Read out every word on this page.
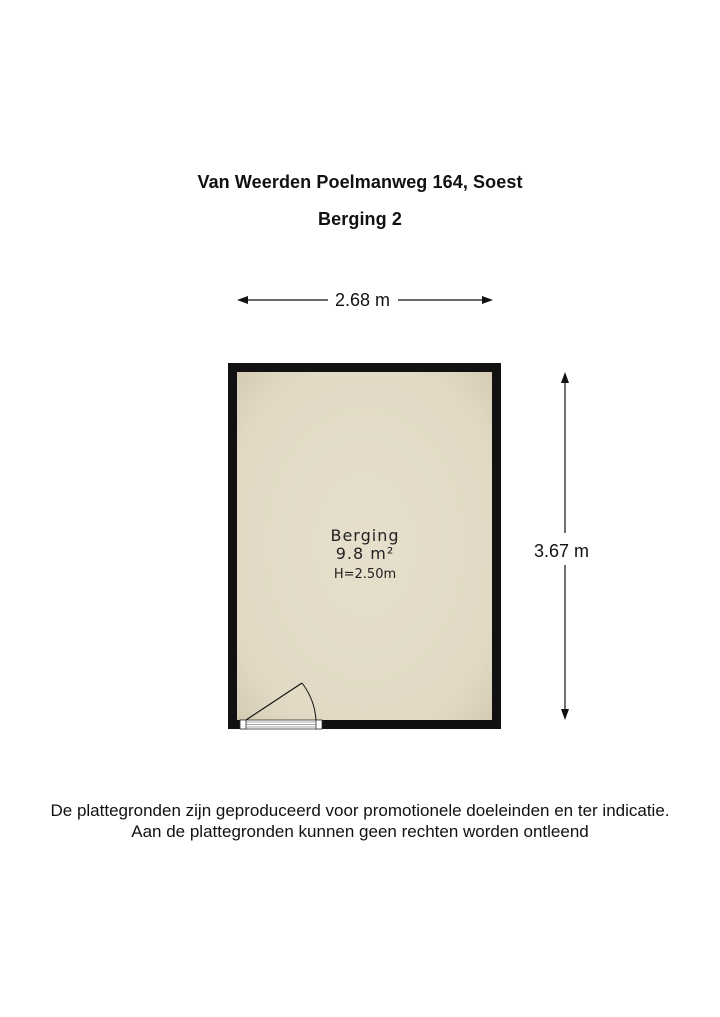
Van Weerden Poelmanweg 164, Soest
Berging 2
2.68 m
3.67 m
Berging
9.8 m²
H=2.50m
De plattegronden zijn geproduceerd voor promotionele doeleinden en ter indicatie.
Aan de plattegronden kunnen geen rechten worden ontleend
